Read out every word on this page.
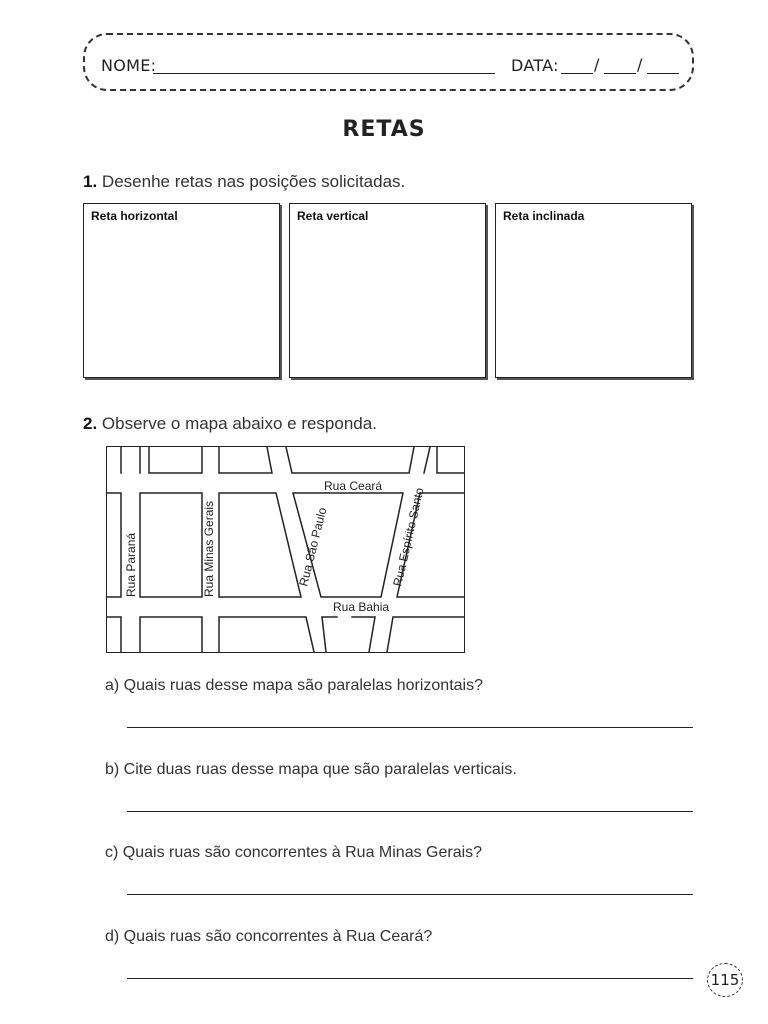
NOME:	DATA: / /
RETAS
1. Desenhe retas nas posições solicitadas.
Reta horizontal	Reta vertical	Reta inclinada
2. Observe o mapa abaixo e responda.
Rua Ceará
Rua Bahia
Rua Paraná	Rua Minas Gerais	Rua São Paulo	Rua Espírito Santo
a) Quais ruas desse mapa são paralelas horizontais?
b) Cite duas ruas desse mapa que são paralelas verticais.
c) Quais ruas são concorrentes à Rua Minas Gerais?
d) Quais ruas são concorrentes à Rua Ceará?
115
